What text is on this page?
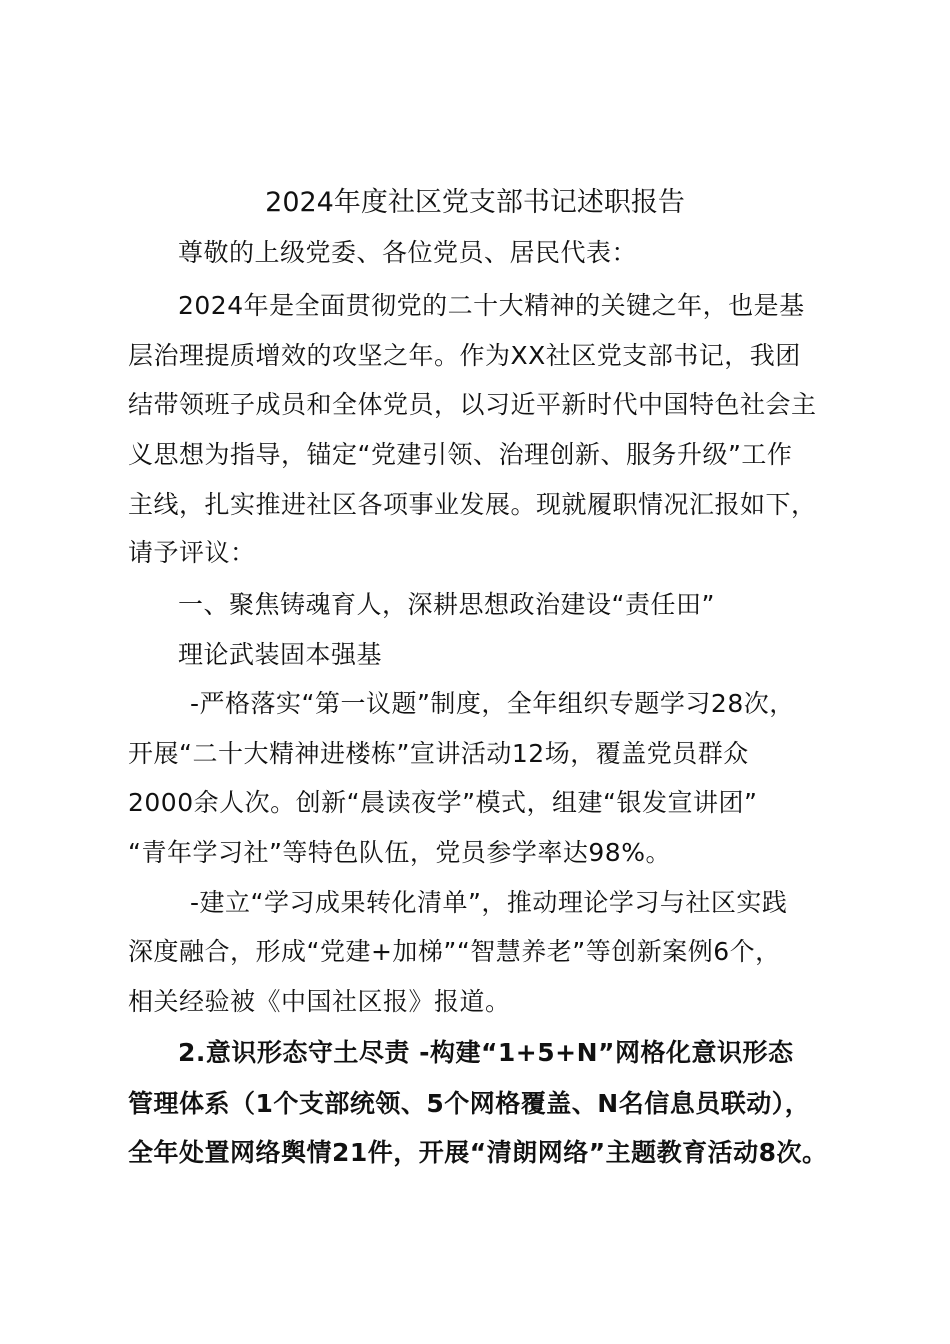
2024年度社区党支部书记述职报告
尊敬的上级党委、各位党员、居民代表：
2024年是全面贯彻党的二十大精神的关键之年，也是基
层治理提质增效的攻坚之年。作为XX社区党支部书记，我团
结带领班子成员和全体党员，以习近平新时代中国特色社会主
义思想为指导，锚定“党建引领、治理创新、服务升级”工作
主线，扎实推进社区各项事业发展。现就履职情况汇报如下，
请予评议：
一、聚焦铸魂育人，深耕思想政治建设“责任田”
理论武装固本强基
-严格落实“第一议题”制度，全年组织专题学习28次，
开展“二十大精神进楼栋”宣讲活动12场，覆盖党员群众
2000余人次。创新“晨读夜学”模式，组建“银发宣讲团”
“青年学习社”等特色队伍，党员参学率达98%。
-建立“学习成果转化清单”，推动理论学习与社区实践
深度融合，形成“党建+加梯”“智慧养老”等创新案例6个，
相关经验被《中国社区报》报道。
2.意识形态守土尽责 -构建“1+5+N”网格化意识形态
管理体系（1个支部统领、5个网格覆盖、N名信息员联动），
全年处置网络舆情21件，开展“清朗网络”主题教育活动8次。
